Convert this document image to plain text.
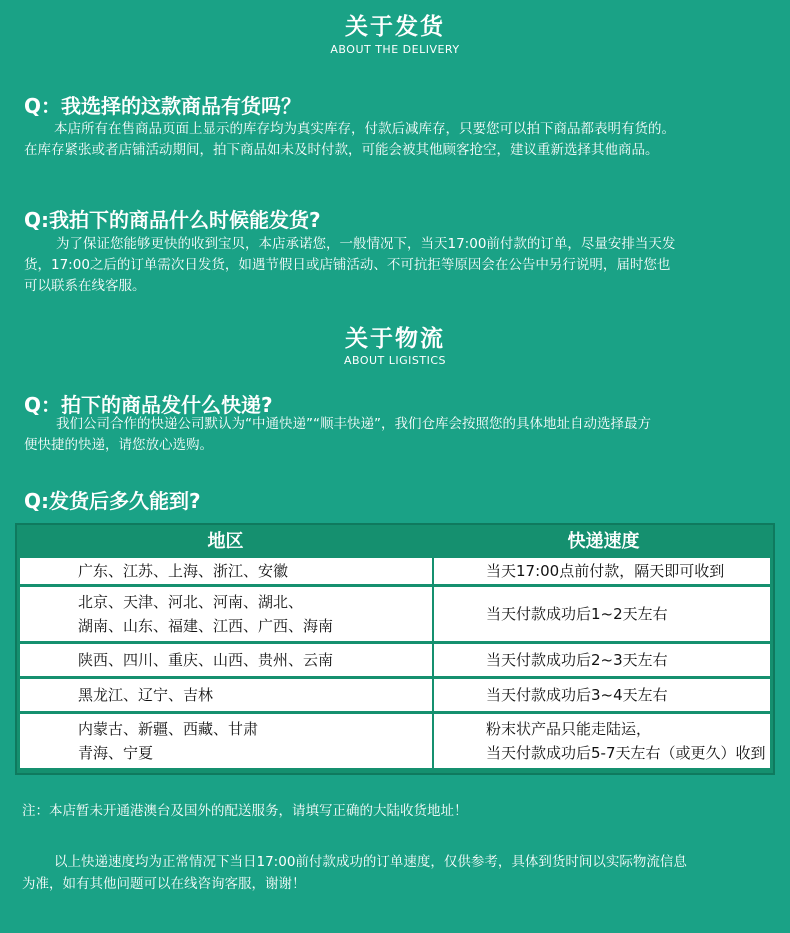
关于发货
ABOUT THE DELIVERY
Q：我选择的这款商品有货吗？
本店所有在售商品页面上显示的库存均为真实库存，付款后减库存，只要您可以拍下商品都表明有货的。
在库存紧张或者店铺活动期间，拍下商品如未及时付款，可能会被其他顾客抢空，建议重新选择其他商品。
Q:我拍下的商品什么时候能发货?
为了保证您能够更快的收到宝贝，本店承诺您，一般情况下，当天17:00前付款的订单，尽量安排当天发
货，17:00之后的订单需次日发货，如遇节假日或店铺活动、不可抗拒等原因会在公告中另行说明，届时您也
可以联系在线客服。
关于物流
ABOUT LIGISTICS
Q：拍下的商品发什么快递?
我们公司合作的快递公司默认为“中通快递”“顺丰快递”，我们仓库会按照您的具体地址自动选择最方
便快捷的快递，请您放心选购。
Q:发货后多久能到?
地区	快递速度

广东、江苏、上海、浙江、安徽	当天17:00点前付款，隔天即可收到

北京、天津、河北、河南、湖北、
湖南、山东、福建、江西、广西、海南	当天付款成功后1~2天左右

陕西、四川、重庆、山西、贵州、云南	当天付款成功后2~3天左右

黑龙江、辽宁、吉林	当天付款成功后3~4天左右

内蒙古、新疆、西藏、甘肃
青海、宁夏	粉末状产品只能走陆运，
当天付款成功后5-7天左右（或更久）收到
注：本店暂未开通港澳台及国外的配送服务，请填写正确的大陆收货地址！
以上快递速度均为正常情况下当日17:00前付款成功的订单速度，仅供参考，具体到货时间以实际物流信息
为准，如有其他问题可以在线咨询客服，谢谢！
